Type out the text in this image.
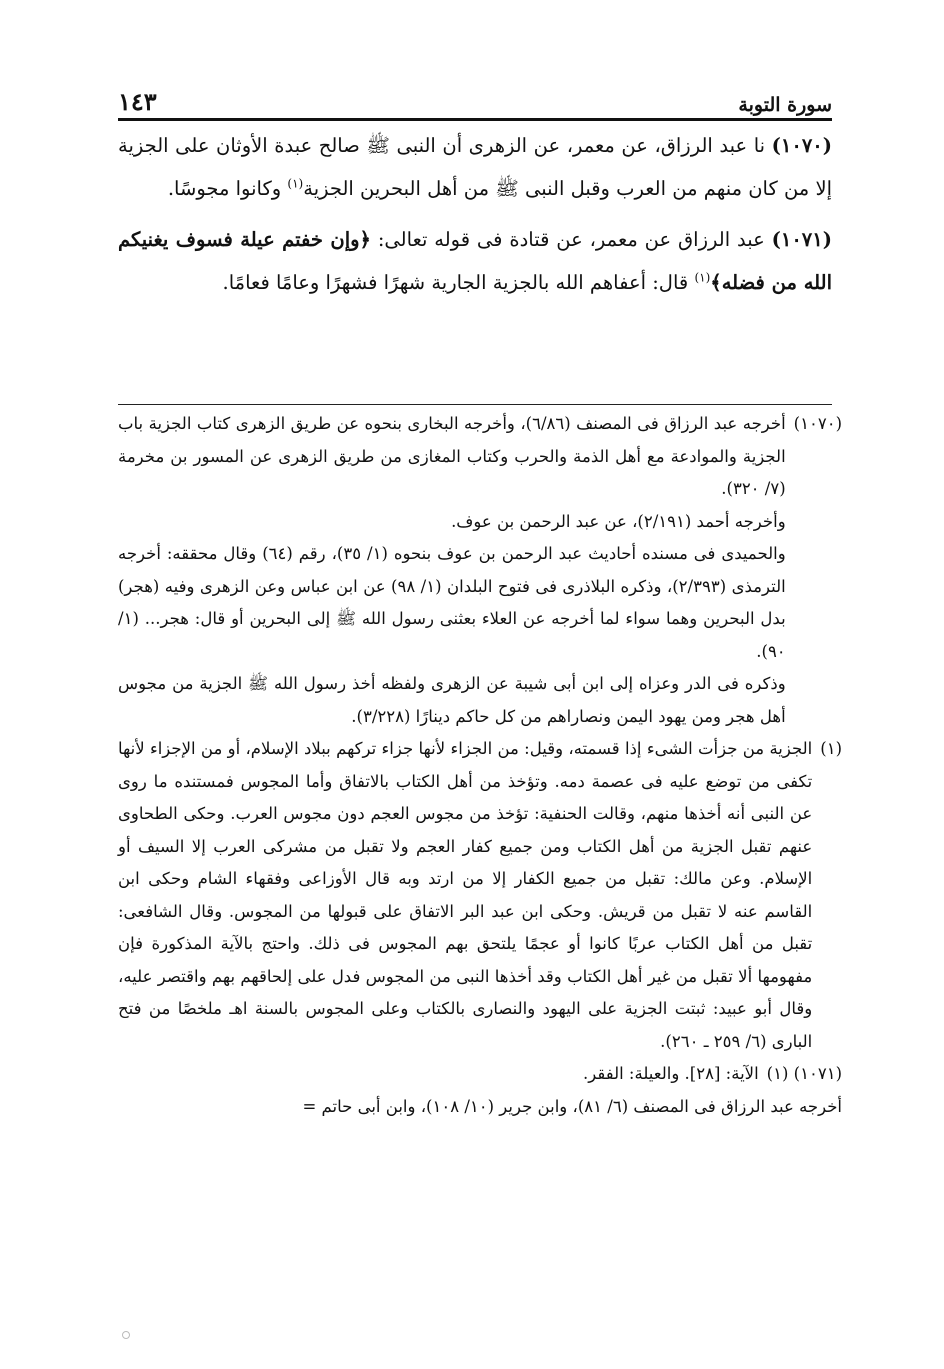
سورة التوبة
١٤٣

(١٠٧٠) نا عبد الرزاق، عن معمر، عن الزهرى أن النبى ﷺ صالح عبدة الأوثان على الجزية إلا من كان منهم من العرب وقبل النبى ﷺ من أهل البحرين الجزية$^{(١)}$ وكانوا مجوسًا.

(١٠٧١) عبد الرزاق عن معمر، عن قتادة فى قوله تعالى: ﴿وإن خفتم عيلة فسوف يغنيكم الله من فضله﴾$^{(١)}$ قال: أعفاهم الله بالجزية الجارية شهرًا فشهرًا وعامًا فعامًا.

(١٠٧٠)

أخرجه عبد الرزاق فى المصنف (٦/٨٦)، وأخرجه البخارى بنحوه عن طريق الزهرى كتاب الجزية باب الجزية والموادعة مع أهل الذمة والحرب وكتاب المغازى من طريق الزهرى عن المسور بن مخرمة (٧/ ٣٢٠).

وأخرجه أحمد (٢/١٩١)، عن عبد الرحمن بن عوف.

والحميدى فى مسنده أحاديث عبد الرحمن بن عوف بنحوه (١/ ٣٥)، رقم (٦٤) وقال محققه: أخرجه الترمذى (٢/٣٩٣)، وذكره البلاذرى فى فتوح البلدان (١/ ٩٨) عن ابن عباس وعن الزهرى وفيه (هجر) بدل البحرين وهما سواء لما أخرجه عن العلاء بعثنى رسول الله ﷺ إلى البحرين أو قال: هجر... (١/ ٩٠).

وذكره فى الدر وعزاه إلى ابن أبى شيبة عن الزهرى ولفظه أخذ رسول الله ﷺ الجزية من مجوس أهل هجر ومن يهود اليمن ونصاراهم من كل حاكم دينارًا (٣/٢٢٨).

(١)

الجزية من جزأت الشىء إذا قسمته، وقيل: من الجزاء لأنها جزاء تركهم ببلاد الإسلام، أو من الإجزاء لأنها تكفى من توضع عليه فى عصمة دمه. وتؤخذ من أهل الكتاب بالاتفاق وأما المجوس فمستنده ما روى عن النبى أنه أخذها منهم، وقالت الحنفية: تؤخذ من مجوس العجم دون مجوس العرب. وحكى الطحاوى عنهم تقبل الجزية من أهل الكتاب ومن جميع كفار العجم ولا تقبل من مشركى العرب إلا السيف أو الإسلام. وعن مالك: تقبل من جميع الكفار إلا من ارتد وبه قال الأوزاعى وفقهاء الشام وحكى ابن القاسم عنه لا تقبل من قريش. وحكى ابن عبد البر الاتفاق على قبولها من المجوس. وقال الشافعى: تقبل من أهل الكتاب عربًا كانوا أو عجمًا يلتحق بهم المجوس فى ذلك. واحتج بالآية المذكورة فإن مفهومها ألا تقبل من غير أهل الكتاب وقد أخذها النبى من المجوس فدل على إلحاقهم بهم واقتصر عليه، وقال أبو عبيد: ثبتت الجزية على اليهود والنصارى بالكتاب وعلى المجوس بالسنة اهـ ملخصًا من فتح البارى (٦/ ٢٥٩ ـ ٢٦٠).

(١٠٧١) (١)

الآية: [٢٨]. والعيلة: الفقر.

أخرجه عبد الرزاق فى المصنف (٦/ ٨١)، وابن جرير (١٠/ ١٠٨)، وابن أبى حاتم =
